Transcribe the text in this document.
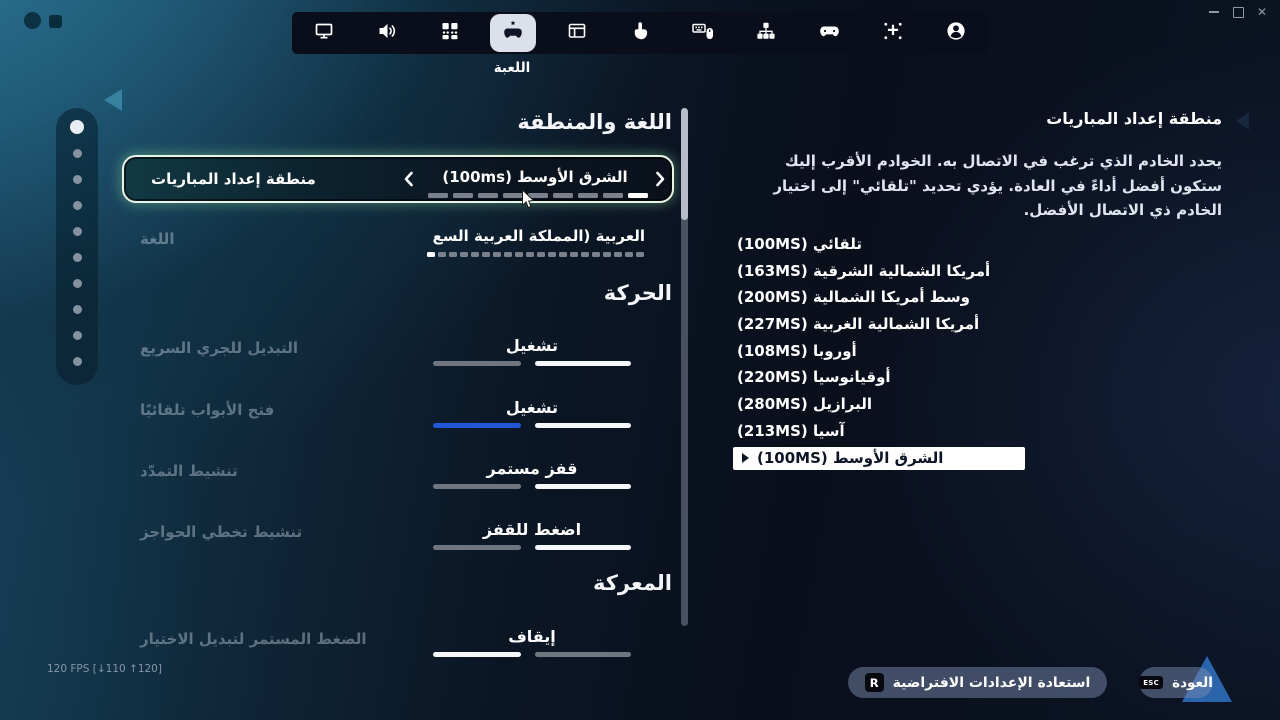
✕
اللعبة
اللغة والمنطقة
منطقة إعداد المباريات	الشرق الأوسط (100ms)
اللغة	العربية (المملكة العربية السع
الحركة
التبديل للجري السريع	تشغيل
فتح الأبواب تلقائيًا	تشغيل
تنشيط التمدّد	قفز مستمر
تنشيط تخطي الحواجز	اضغط للقفز
المعركة
الضغط المستمر لتبديل الاختيار	إيقاف
منطقة إعداد المباريات
يحدد الخادم الذي ترغب في الاتصال به. الخوادم الأقرب إليك ستكون أفضل أداءً في العادة. يؤدي تحديد "تلقائي" إلى اختيار الخادم ذي الاتصال الأفضل.
تلقائي (100MS)
أمريكا الشمالية الشرقية (163MS)
وسط أمريكا الشمالية (200MS)
أمريكا الشمالية الغربية (227MS)
أوروبا (108MS)
أوقيانوسيا (220MS)
البرازيل (280MS)
آسيا (213MS)
الشرق الأوسط (100MS)
استعادة الإعدادات الافتراضية
R	العودة
ESC
120 FPS [↓110 ↑120]
